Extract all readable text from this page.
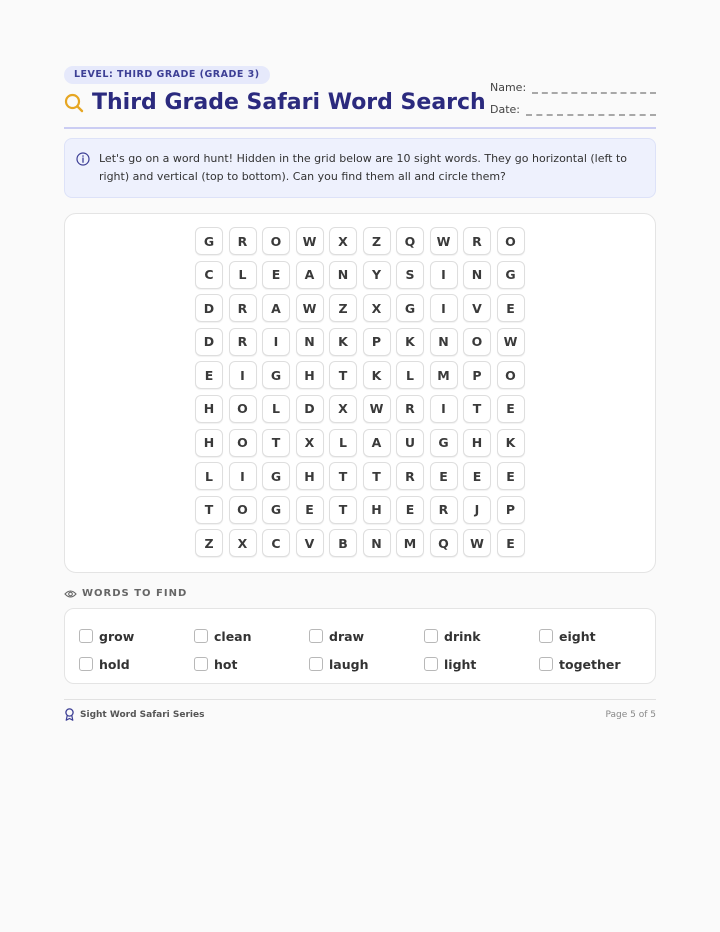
LEVEL: THIRD GRADE (GRADE 3)
Third Grade Safari Word Search
Name:
Date:

Let's go on a word hunt! Hidden in the grid below are 10 sight words. They go horizontal (left to right) and vertical (top to bottom). Can you find them all and circle them?

G	R	O	W	X	Z	Q	W	R	O
C	L	E	A	N	Y	S	I	N	G
D	R	A	W	Z	X	G	I	V	E
D	R	I	N	K	P	K	N	O	W
E	I	G	H	T	K	L	M	P	O
H	O	L	D	X	W	R	I	T	E
H	O	T	X	L	A	U	G	H	K
L	I	G	H	T	T	R	E	E	E
T	O	G	E	T	H	E	R	J	P
Z	X	C	V	B	N	M	Q	W	E
WORDS TO FIND
grow	clean	draw	drink	eight
hold	hot	laugh	light	together
Sight Word Safari Series	Page 5 of 5
